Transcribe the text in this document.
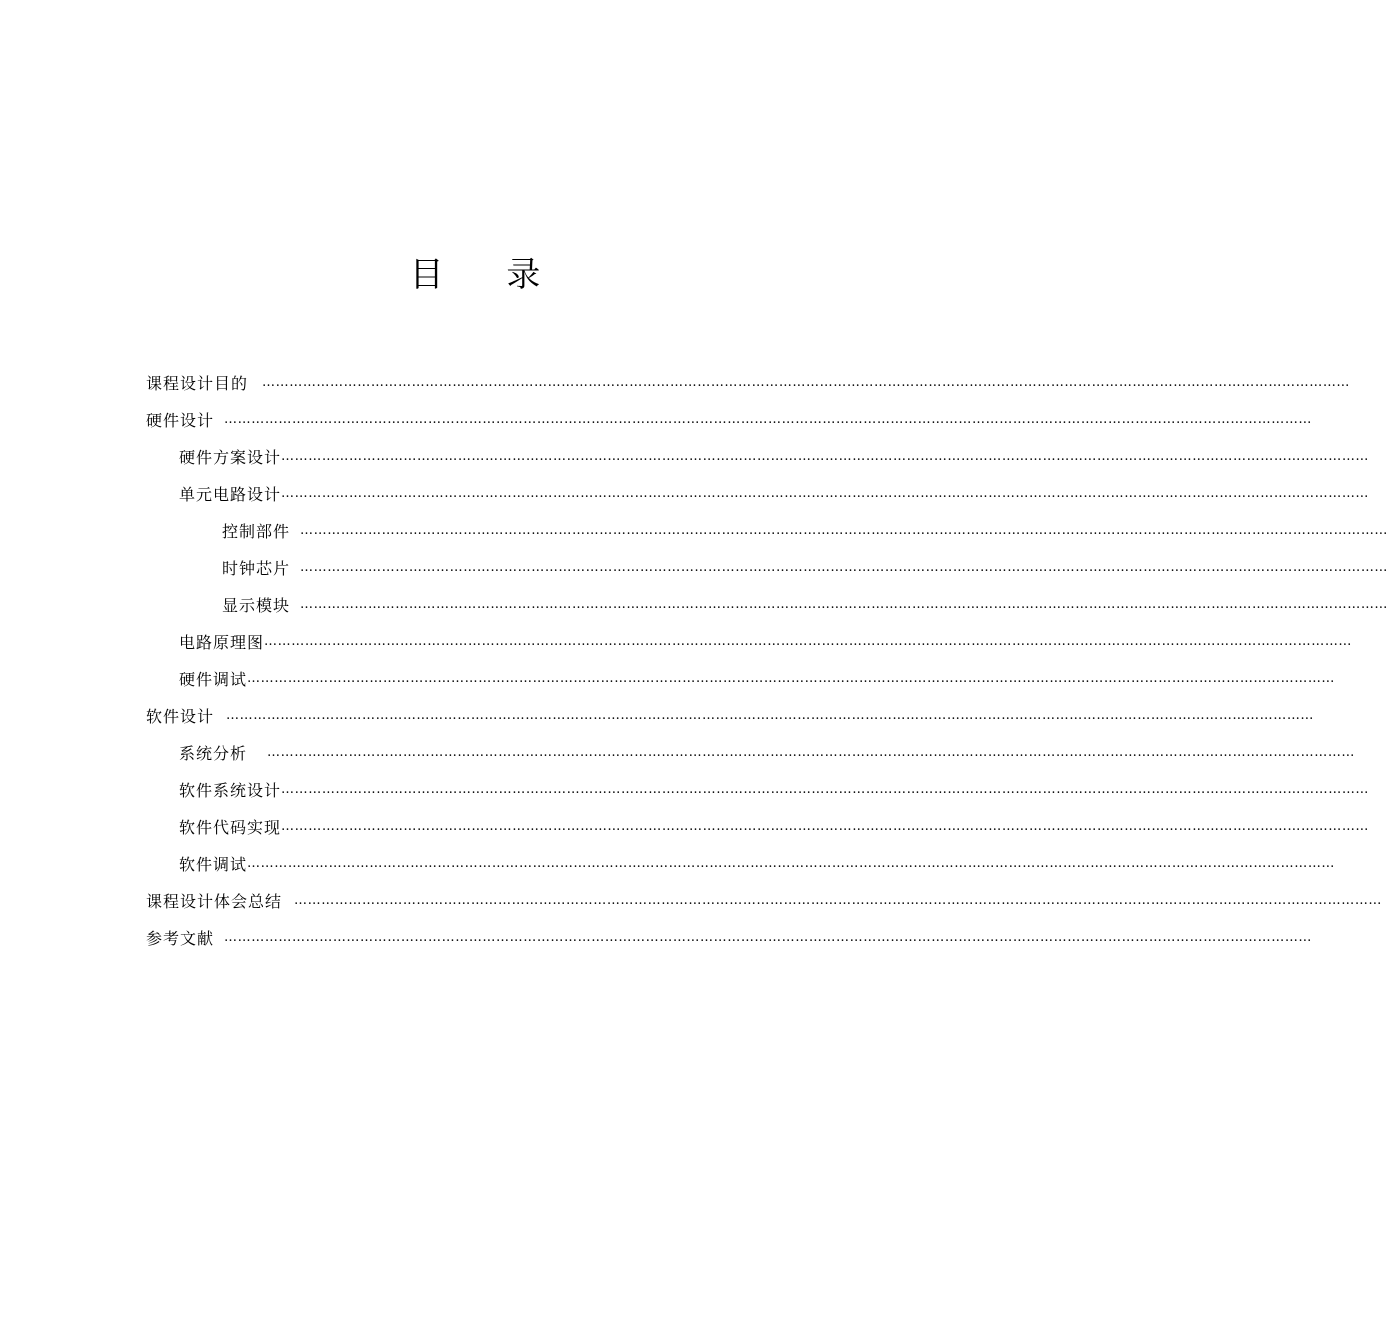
目 录
课程设计目的 ……………………………………………………………………………………………………………………………………………………………………………………………………………………
硬件设计 ……………………………………………………………………………………………………………………………………………………………………………………………………………………
硬件方案设计 ……………………………………………………………………………………………………………………………………………………………………………………………………………………
单元电路设计 ……………………………………………………………………………………………………………………………………………………………………………………………………………………
控制部件 ……………………………………………………………………………………………………………………………………………………………………………………………………………………
时钟芯片 ……………………………………………………………………………………………………………………………………………………………………………………………………………………
显示模块 ……………………………………………………………………………………………………………………………………………………………………………………………………………………
电路原理图 ……………………………………………………………………………………………………………………………………………………………………………………………………………………
硬件调试 ……………………………………………………………………………………………………………………………………………………………………………………………………………………
软件设计 ……………………………………………………………………………………………………………………………………………………………………………………………………………………
系统分析 ……………………………………………………………………………………………………………………………………………………………………………………………………………………
软件系统设计 ……………………………………………………………………………………………………………………………………………………………………………………………………………………
软件代码实现 ……………………………………………………………………………………………………………………………………………………………………………………………………………………
软件调试 ……………………………………………………………………………………………………………………………………………………………………………………………………………………
课程设计体会总结 ……………………………………………………………………………………………………………………………………………………………………………………………………………………
参考文献 ……………………………………………………………………………………………………………………………………………………………………………………………………………………
